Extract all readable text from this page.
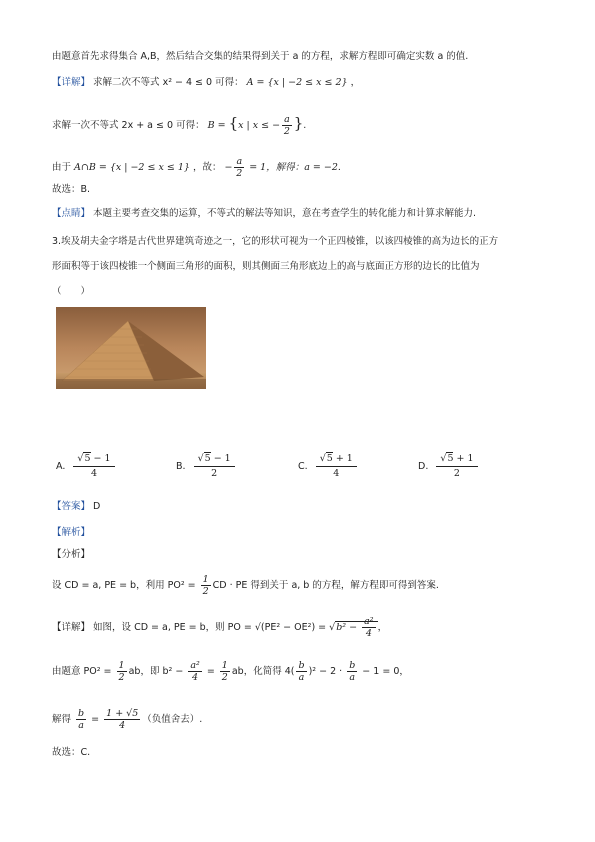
由题意首先求得集合 A,B，然后结合交集的结果得到关于 a 的方程，求解方程即可确定实数 a 的值.
【详解】 求解二次不等式 x² − 4 ≤ 0 可得： A = {x | −2 ≤ x ≤ 2} ，
求解一次不等式 2x + a ≤ 0 可得： B = {x | x ≤ − $\frac{a}{2}$ }.
由于 A∩B = {x | −2 ≤ x ≤ 1} ，故： − $\frac{a}{2} = 1$，解得：a = −2.
故选：B.
【点睛】 本题主要考查交集的运算，不等式的解法等知识，意在考查学生的转化能力和计算求解能力.
3.埃及胡夫金字塔是古代世界建筑奇迹之一，它的形状可视为一个正四棱锥，以该四棱锥的高为边长的正方
形面积等于该四棱锥一个侧面三角形的面积，则其侧面三角形底边上的高与底面正方形的边长的比值为
（　　）
A. $\frac{√5 - 1}{4}$	B. $\frac{√5 - 1}{2}$	C. $\frac{√5 + 1}{4}$	D. $\frac{√5 + 1}{2}$
【答案】 D
【解析】
【分析】
设 CD = a, PE = b，利用 $PO^2 = \frac{1}{2}$ CD · PE 得到关于 a, b 的方程，解方程即可得到答案.
【详解】 如图，设 CD = a, PE = b，则 PO = $√(PE^2 - OE^2) = √b^2 - \frac{\text{a²}}{4}$ ，
由题意 $PO^2 = \frac{1}{2}$ ab，即 $b^2 - \frac{\text{a²}}{4} = \frac{1}{2}$ ab，化简得 $4( \frac{b}{a} )^2 - 2 \cdot \frac{b}{a} - 1 = 0$，
解得 $\frac{b}{a} = \frac{1 + √5}{4}$ （负值舍去）.
故选：C.
